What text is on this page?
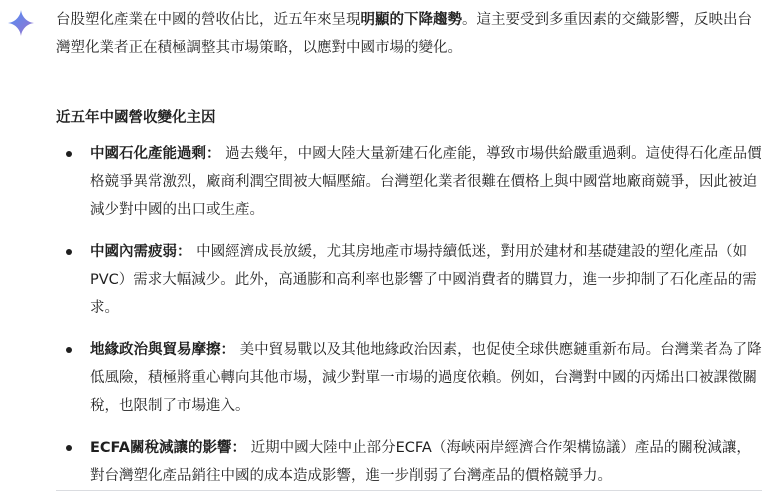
台股塑化產業在中國的營收佔比，近五年來呈現明顯的下降趨勢。這主要受到多重因素的交織影響，反映出台灣塑化業者正在積極調整其市場策略，以應對中國市場的變化。

近五年中國營收變化主因
中國石化產能過剩： 過去幾年，中國大陸大量新建石化產能，導致市場供給嚴重過剩。這使得石化產品價格競爭異常激烈，廠商利潤空間被大幅壓縮。台灣塑化業者很難在價格上與中國當地廠商競爭，因此被迫減少對中國的出口或生產。
中國內需疲弱： 中國經濟成長放緩，尤其房地產市場持續低迷，對用於建材和基礎建設的塑化產品（如PVC）需求大幅減少。此外，高通膨和高利率也影響了中國消費者的購買力，進一步抑制了石化產品的需求。
地緣政治與貿易摩擦： 美中貿易戰以及其他地緣政治因素，也促使全球供應鏈重新布局。台灣業者為了降低風險，積極將重心轉向其他市場，減少對單一市場的過度依賴。例如，台灣對中國的丙烯出口被課徵關稅，也限制了市場進入。
ECFA關稅減讓的影響： 近期中國大陸中止部分ECFA（海峽兩岸經濟合作架構協議）產品的關稅減讓，對台灣塑化產品銷往中國的成本造成影響，進一步削弱了台灣產品的價格競爭力。
